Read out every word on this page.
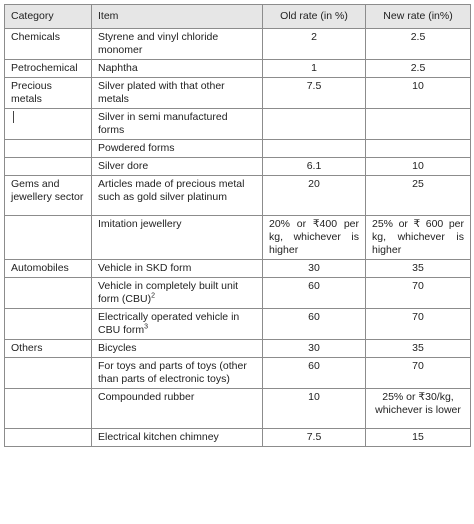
Category	Item	Old rate (in %)	New rate (in%)
Chemicals	Styrene and vinyl chloride monomer	2	2.5
Petrochemical	Naphtha	1	2.5
Precious metals	Silver plated with that other metals	7.5	10
	Silver in semi manufactured forms		
	Powdered forms		
	Silver dore	6.1	10
Gems and jewellery sector	Articles made of precious metal such as gold silver platinum	20	25
	Imitation jewellery	20% or ₹400 per kg, whichever is higher	25% or ₹ 600 per kg, whichever is higher
Automobiles	Vehicle in SKD form	30	35
	Vehicle in completely built unit form (CBU)$^2$	60	70
	Electrically operated vehicle in CBU form$^3$	60	70
Others	Bicycles	30	35
	For toys and parts of toys (other than parts of electronic toys)	60	70
	Compounded rubber	10	25% or ₹30/kg, whichever is lower
	Electrical kitchen chimney	7.5	15
